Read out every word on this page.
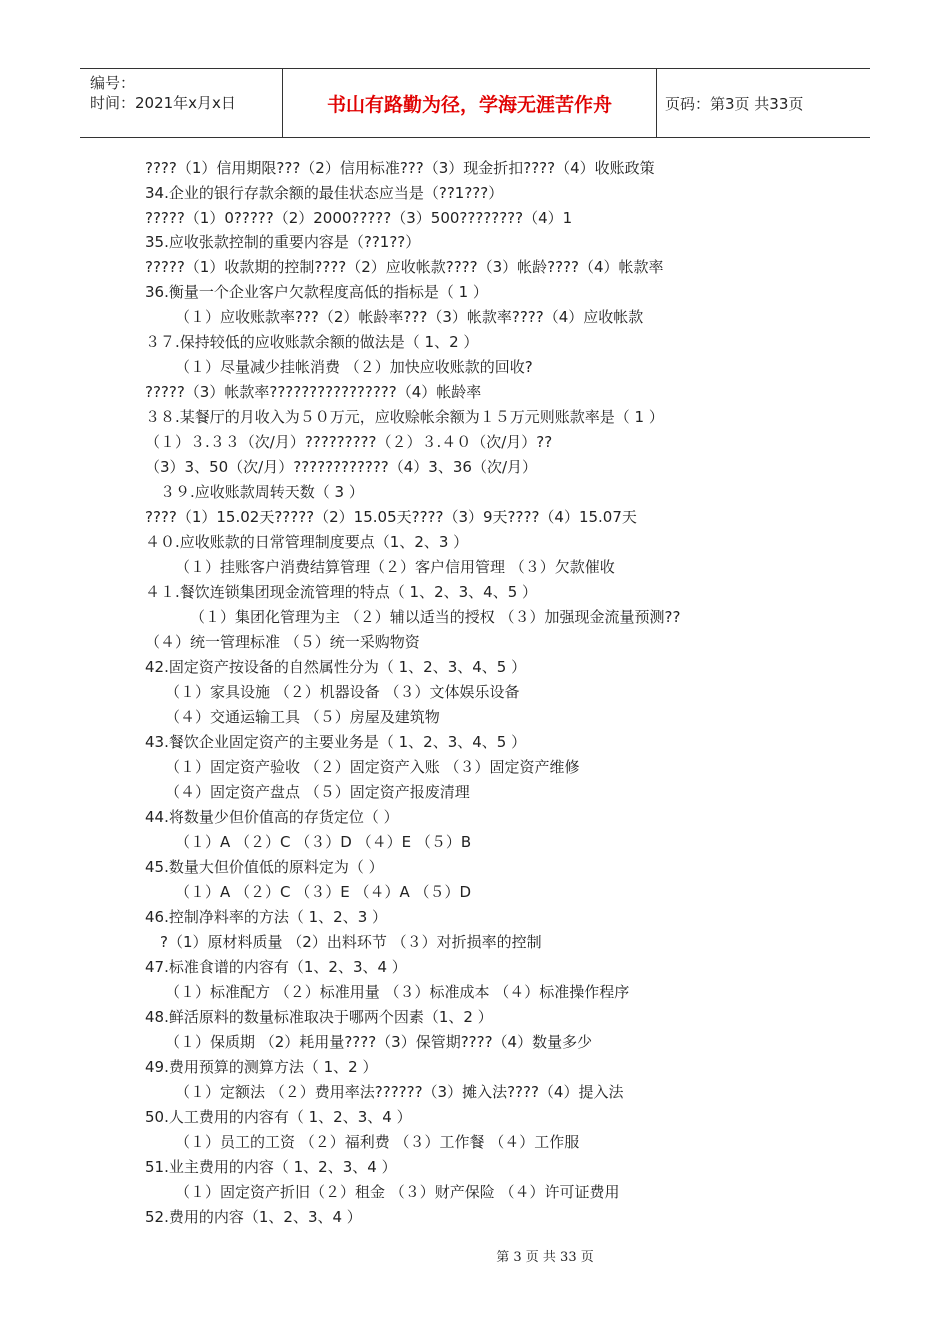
编号：
时间：2021年x月x日	书山有路勤为径，学海无涯苦作舟	页码：第3页 共33页
????（1）信用期限???（2）信用标准???（3）现金折扣????（4）收账政策
34.企业的银行存款余额的最佳状态应当是（??1???）
?????（1）0?????（2）2000?????（3）500????????（4）1
35.应收张款控制的重要内容是（??1??）
?????（1）收款期的控制????（2）应收帐款????（3）帐龄????（4）帐款率
36.衡量一个企业客户欠款程度高低的指标是（ 1 ）
（１）应收账款率???（2）帐龄率???（3）帐款率????（4）应收帐款
３７.保持较低的应收账款余额的做法是（ 1、2 ）
（１）尽量减少挂帐消费 （２）加快应收账款的回收?
?????（3）帐款率????????????????（4）帐龄率
３８.某餐厅的月收入为５０万元，应收赊帐余额为１５万元则账款率是（ 1 ）
（１）３.３３（次/月）?????????（２）３.４０（次/月）??
（3）3、50（次/月）????????????（4）3、36（次/月）
３９.应收账款周转天数（ 3 ）
????（1）15.02天?????（2）15.05天????（3）9天????（4）15.07天
４０.应收账款的日常管理制度要点（1、2、3 ）
（１）挂账客户消费结算管理（２）客户信用管理 （３）欠款催收
４１.餐饮连锁集团现金流管理的特点（ 1、2、3、4、5 ）
（１）集团化管理为主 （２）辅以适当的授权 （３）加强现金流量预测??
（４）统一管理标准 （５）统一采购物资
42.固定资产按设备的自然属性分为（ 1、2、3、4、5 ）
（１）家具设施 （２）机器设备 （３）文体娱乐设备
（４）交通运输工具 （５）房屋及建筑物
43.餐饮企业固定资产的主要业务是（ 1、2、3、4、5 ）
（１）固定资产验收 （２）固定资产入账 （３）固定资产维修
（４）固定资产盘点 （５）固定资产报废清理
44.将数量少但价值高的存货定位（ ）
（１）A （２）C （３）D （４）E （５）B
45.数量大但价值低的原料定为（ ）
（１）A （２）C （３）E （４）A （５）D
46.控制净料率的方法（ 1、2、3 ）
?（1）原材料质量 （2）出料环节 （３）对折损率的控制
47.标准食谱的内容有（1、2、3、4 ）
（１）标准配方 （２）标准用量 （３）标准成本 （４）标准操作程序
48.鲜活原料的数量标准取决于哪两个因素（1、2 ）
（１）保质期 （2）耗用量????（3）保管期????（4）数量多少
49.费用预算的测算方法（ 1、2 ）
（１）定额法 （２）费用率法??????（3）摊入法????（4）提入法
50.人工费用的内容有（ 1、2、3、4 ）
（１）员工的工资 （２）福利费 （３）工作餐 （４）工作服
51.业主费用的内容（ 1、2、3、4 ）
（１）固定资产折旧（２）租金 （３）财产保险 （４）许可证费用
52.费用的内容（1、2、3、4 ）
第 3 页 共 33 页
